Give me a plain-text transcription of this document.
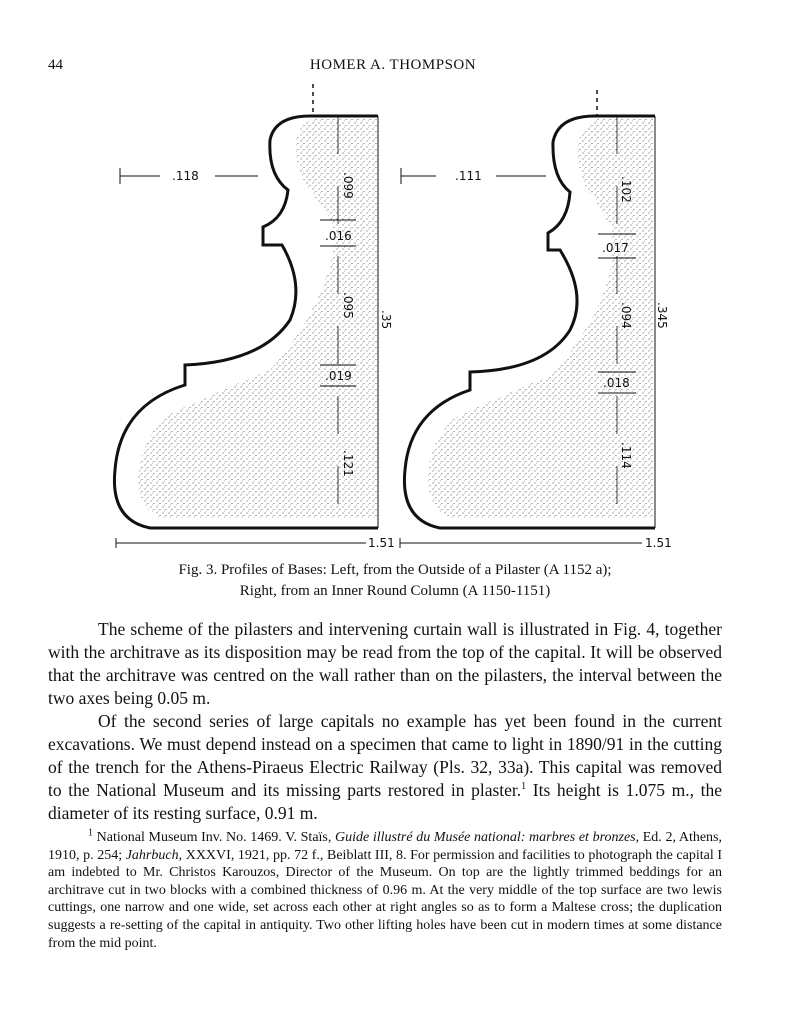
44	HOMER A. THOMPSON
.118	.099
.016
.095
.019
.121
.35
1.51
.111	.102
.017
.094
.018
.114
.345
1.51
Fig. 3. Profiles of Bases: Left, from the Outside of a Pilaster (A 1152 a);
Right, from an Inner Round Column (A 1150-1151)

The scheme of the pilasters and intervening curtain wall is illustrated in Fig. 4, together with the architrave as its disposition may be read from the top of the capital. It will be observed that the architrave was centred on the wall rather than on the pilasters, the interval between the two axes being 0.05 m.

Of the second series of large capitals no example has yet been found in the current excavations. We must depend instead on a specimen that came to light in 1890/91 in the cutting of the trench for the Athens-Piraeus Electric Railway (Pls. 32, 33a). This capital was removed to the National Museum and its missing parts restored in plaster.$^1$ Its height is 1.075 m., the diameter of its resting surface, 0.91 m.

$^1$ National Museum Inv. No. 1469. V. Staïs, Guide illustré du Musée national: marbres et bronzes, Ed. 2, Athens, 1910, p. 254; Jahrbuch, XXXVI, 1921, pp. 72 f., Beiblatt III, 8. For permission and facilities to photograph the capital I am indebted to Mr. Christos Karouzos, Director of the Museum. On top are the lightly trimmed beddings for an architrave cut in two blocks with a combined thickness of 0.96 m. At the very middle of the top surface are two lewis cuttings, one narrow and one wide, set across each other at right angles so as to form a Maltese cross; the duplication suggests a re-setting of the capital in antiquity. Two other lifting holes have been cut in modern times at some distance from the mid point.
